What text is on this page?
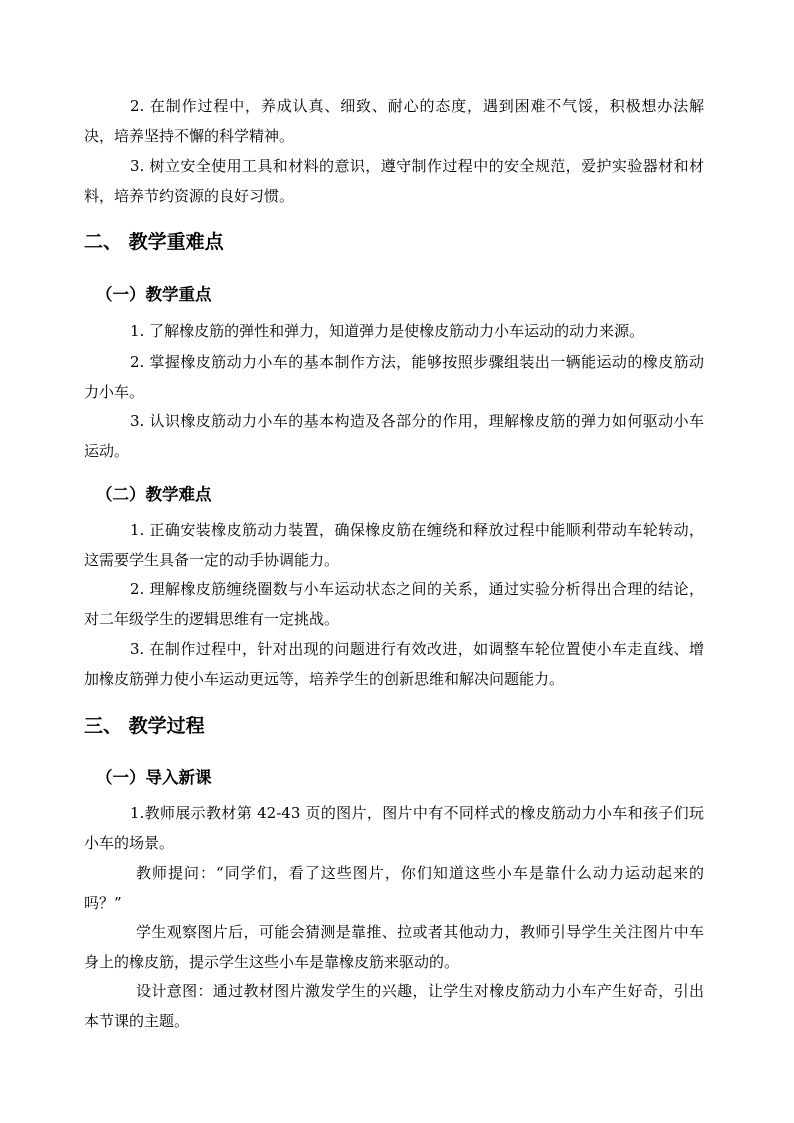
2. 在制作过程中，养成认真、细致、耐心的态度，遇到困难不气馁，积极想办法解决，培养坚持不懈的科学精神。

3. 树立安全使用工具和材料的意识，遵守制作过程中的安全规范，爱护实验器材和材料，培养节约资源的良好习惯。

二、 教学重难点
（一）教学重点

1. 了解橡皮筋的弹性和弹力，知道弹力是使橡皮筋动力小车运动的动力来源。

2. 掌握橡皮筋动力小车的基本制作方法，能够按照步骤组装出一辆能运动的橡皮筋动力小车。

3. 认识橡皮筋动力小车的基本构造及各部分的作用，理解橡皮筋的弹力如何驱动小车运动。

（二）教学难点

1. 正确安装橡皮筋动力装置，确保橡皮筋在缠绕和释放过程中能顺利带动车轮转动，这需要学生具备一定的动手协调能力。

2. 理解橡皮筋缠绕圈数与小车运动状态之间的关系，通过实验分析得出合理的结论，对二年级学生的逻辑思维有一定挑战。

3. 在制作过程中，针对出现的问题进行有效改进，如调整车轮位置使小车走直线、增加橡皮筋弹力使小车运动更远等，培养学生的创新思维和解决问题能力。

三、 教学过程
（一）导入新课

1.教师展示教材第 42-43 页的图片，图片中有不同样式的橡皮筋动力小车和孩子们玩小车的场景。

教师提问：“同学们，看了这些图片，你们知道这些小车是靠什么动力运动起来的吗？”

学生观察图片后，可能会猜测是靠推、拉或者其他动力，教师引导学生关注图片中车身上的橡皮筋，提示学生这些小车是靠橡皮筋来驱动的。

设计意图：通过教材图片激发学生的兴趣，让学生对橡皮筋动力小车产生好奇，引出本节课的主题。
